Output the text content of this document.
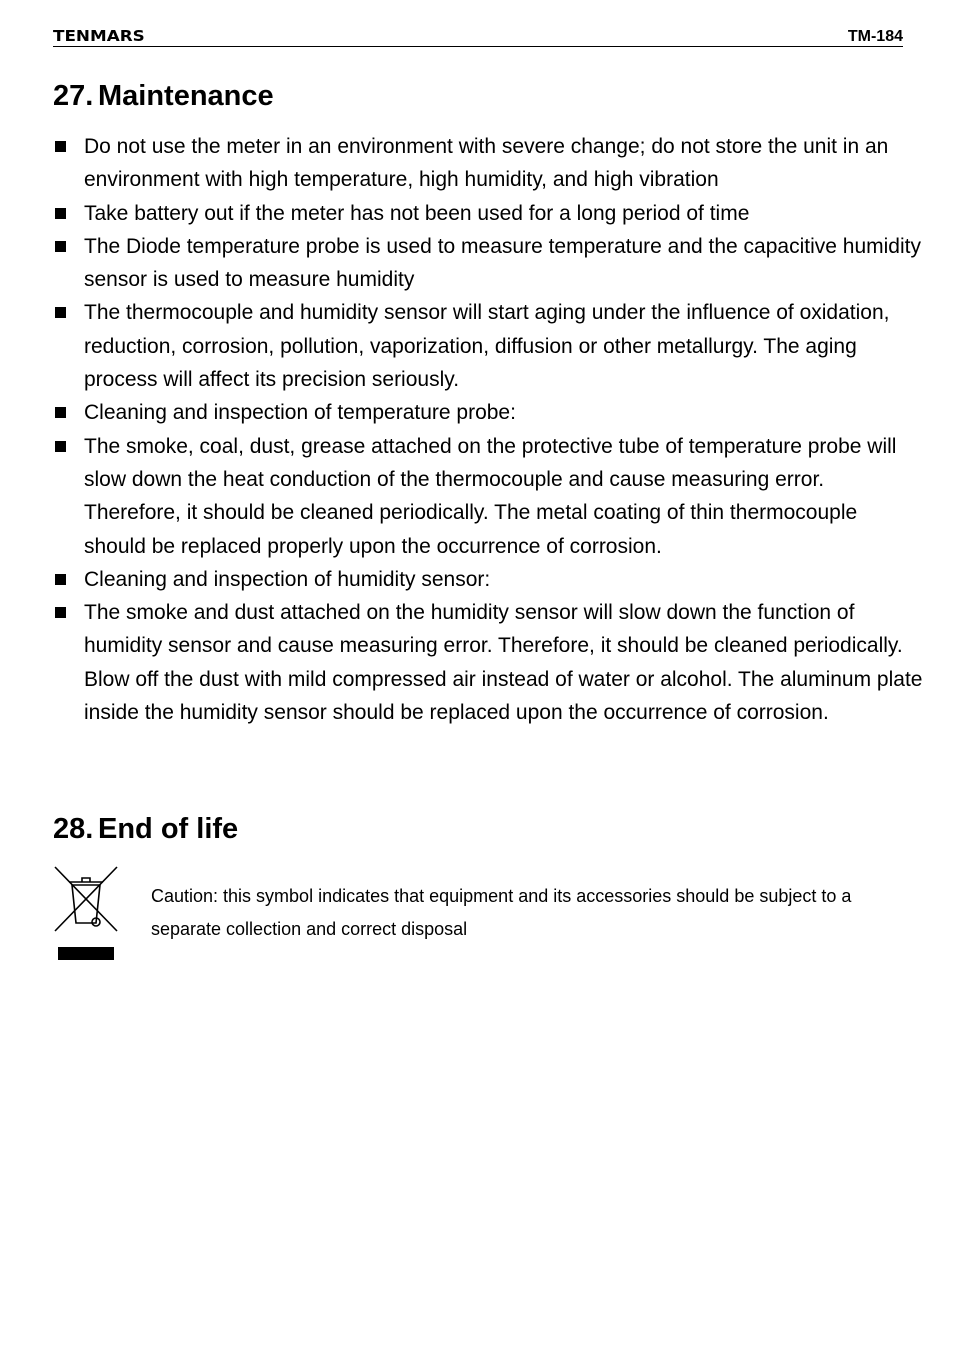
TENMARS	TM-184
27. Maintenance
Do not use the meter in an environment with severe change; do not store the unit in an environment with high temperature, high humidity, and high vibration
Take battery out if the meter has not been used for a long period of time
The Diode temperature probe is used to measure temperature and the capacitive humidity sensor is used to measure humidity
The thermocouple and humidity sensor will start aging under the influence of oxidation, reduction, corrosion, pollution, vaporization, diffusion or other metallurgy. The aging process will affect its precision seriously.
Cleaning and inspection of temperature probe:
The smoke, coal, dust, grease attached on the protective tube of temperature probe will slow down the heat conduction of the thermocouple and cause measuring error. Therefore, it should be cleaned periodically. The metal coating of thin thermocouple should be replaced properly upon the occurrence of corrosion.
Cleaning and inspection of humidity sensor:
The smoke and dust attached on the humidity sensor will slow down the function of humidity sensor and cause measuring error. Therefore, it should be cleaned periodically. Blow off the dust with mild compressed air instead of water or alcohol. The aluminum plate inside the humidity sensor should be replaced upon the occurrence of corrosion.
28. End of life
Caution: this symbol indicates that equipment and its accessories should be subject to a separate collection and correct disposal
